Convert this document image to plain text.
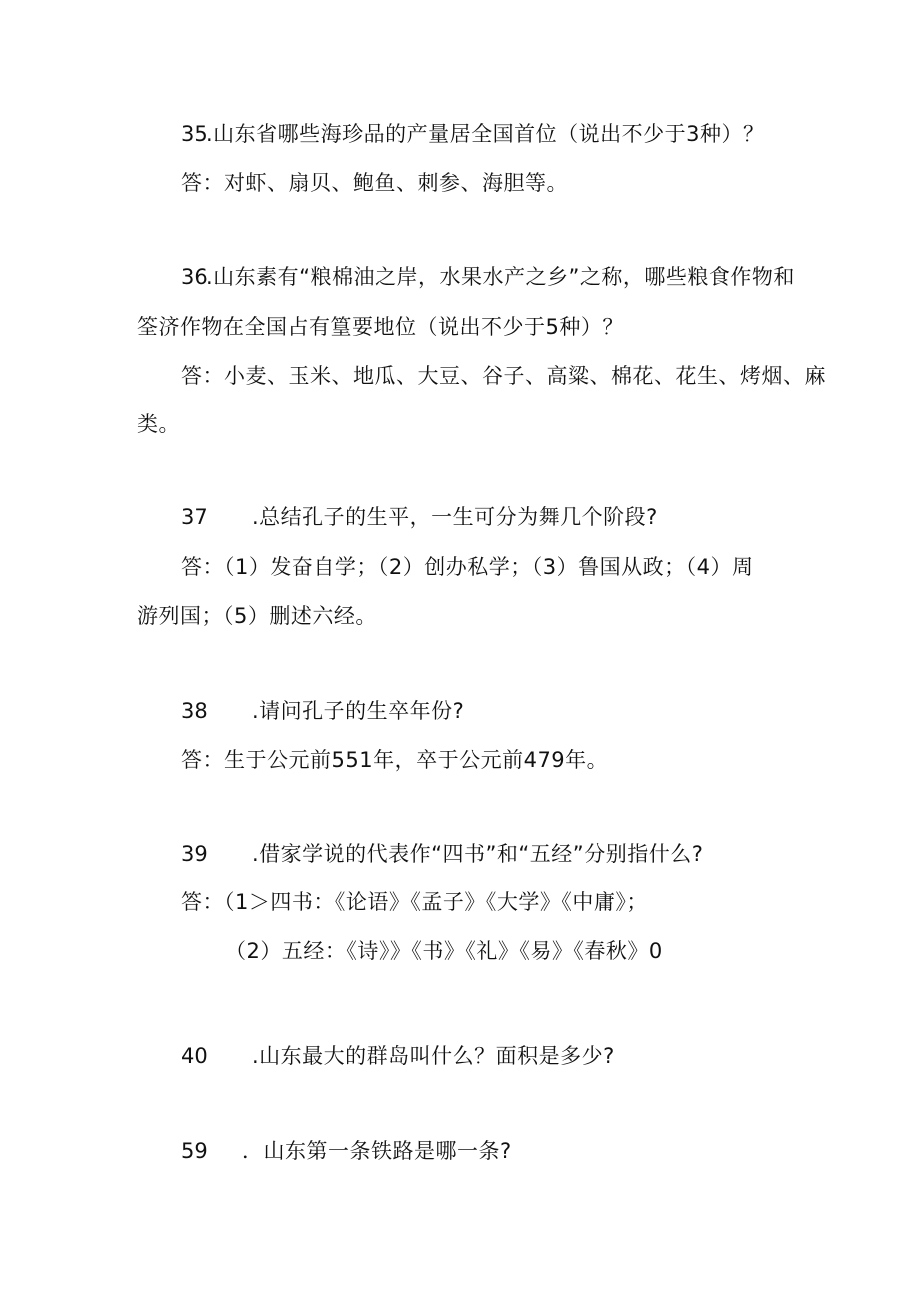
35
.山东省哪些海珍品的产量居全国首位（说出不少于3种）？
答：对虾、扇贝、鲍鱼、刺参、海胆等。
36
.山东素有“粮棉油之岸，水果水产之乡”之称，哪些粮食作物和
筌济作物在全国占有篁要地位（说出不少于5种）？
答：小麦、玉米、地瓜、大豆、谷子、高粱、棉花、花生、烤烟、麻
类。
37 .总结孔子的生平，一生可分为舞几个阶段?
答：（1）发奋自学；（2）创办私学；（3）鲁国从政；（4）周
游列国；（5）删述六经。
38 .请问孔子的生卒年份?
答：生于公元前551年，卒于公元前479年。
39 .借家学说的代表作“四书”和“五经”分别指什么?
答：（1＞四书：《论语》《孟子》《大学》《中庸》；
（2）五经：《诗》》《书》《礼》《易》《春秋》0
40 .山东最大的群岛叫什么？面积是多少?
59 ．山东第一条铁路是哪一条?
